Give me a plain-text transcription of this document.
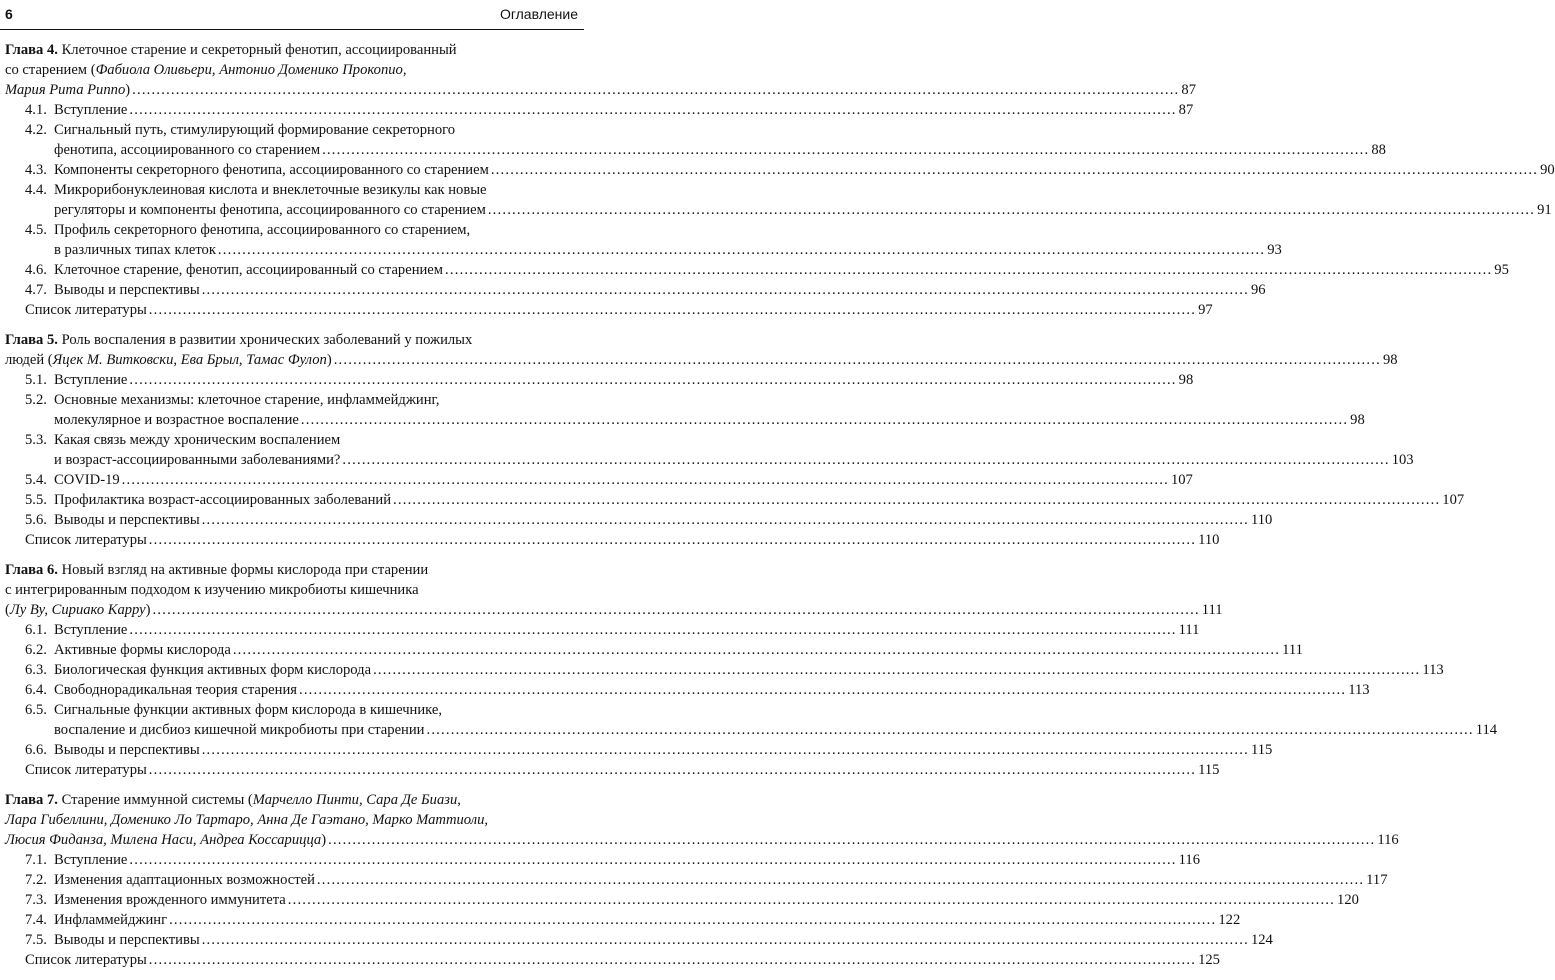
6	Оглавление
Глава 4. Клеточное старение и секреторный фенотип, ассоциированный
со старением (Фабиола Оливьери, Антонио Доменико Прокопио,
Мария Рита Риппо) .....	87
4.1. Вступление .....	87
4.2. Сигнальный путь, стимулирующий формирование секреторного
фенотипа, ассоциированного со старением .....	88
4.3. Компоненты секреторного фенотипа, ассоциированного со старением .....	90
4.4. Микрорибонуклеиновая кислота и внеклеточные везикулы как новые
регуляторы и компоненты фенотипа, ассоциированного со старением .....	91
4.5. Профиль секреторного фенотипа, ассоциированного со старением,
в различных типах клеток .....	93
4.6. Клеточное старение, фенотип, ассоциированный со старением .....	95
4.7. Выводы и перспективы .....	96
Список литературы .....	97
Глава 5. Роль воспаления в развитии хронических заболеваний у пожилых
людей (Яцек М. Витковски, Ева Брыл, Тамас Фулоп) .....	98
5.1. Вступление .....	98
5.2. Основные механизмы: клеточное старение, инфламмейджинг,
молекулярное и возрастное воспаление .....	98
5.3. Какая связь между хроническим воспалением
и возраст-ассоциированными заболеваниями? .....	103
5.4. COVID-19 .....	107
5.5. Профилактика возраст-ассоциированных заболеваний .....	107
5.6. Выводы и перспективы .....	110
Список литературы .....	110
Глава 6. Новый взгляд на активные формы кислорода при старении
с интегрированным подходом к изучению микробиоты кишечника
(Лу Ву, Сириако Карру) .....	111
6.1. Вступление .....	111
6.2. Активные формы кислорода .....	111
6.3. Биологическая функция активных форм кислорода .....	113
6.4. Свободнорадикальная теория старения .....	113
6.5. Сигнальные функции активных форм кислорода в кишечнике,
воспаление и дисбиоз кишечной микробиоты при старении .....	114
6.6. Выводы и перспективы .....	115
Список литературы .....	115
Глава 7. Старение иммунной системы (Марчелло Пинти, Сара Де Биази,
Лара Гибеллини, Доменико Ло Тартаро, Анна Де Гаэтано, Марко Маттиоли,
Люсия Фиданза, Милена Наси, Андреа Коссарицца) .....	116
7.1. Вступление .....	116
7.2. Изменения адаптационных возможностей .....	117
7.3. Изменения врожденного иммунитета .....	120
7.4. Инфламмейджинг .....	122
7.5. Выводы и перспективы .....	124
Список литературы .....	125
